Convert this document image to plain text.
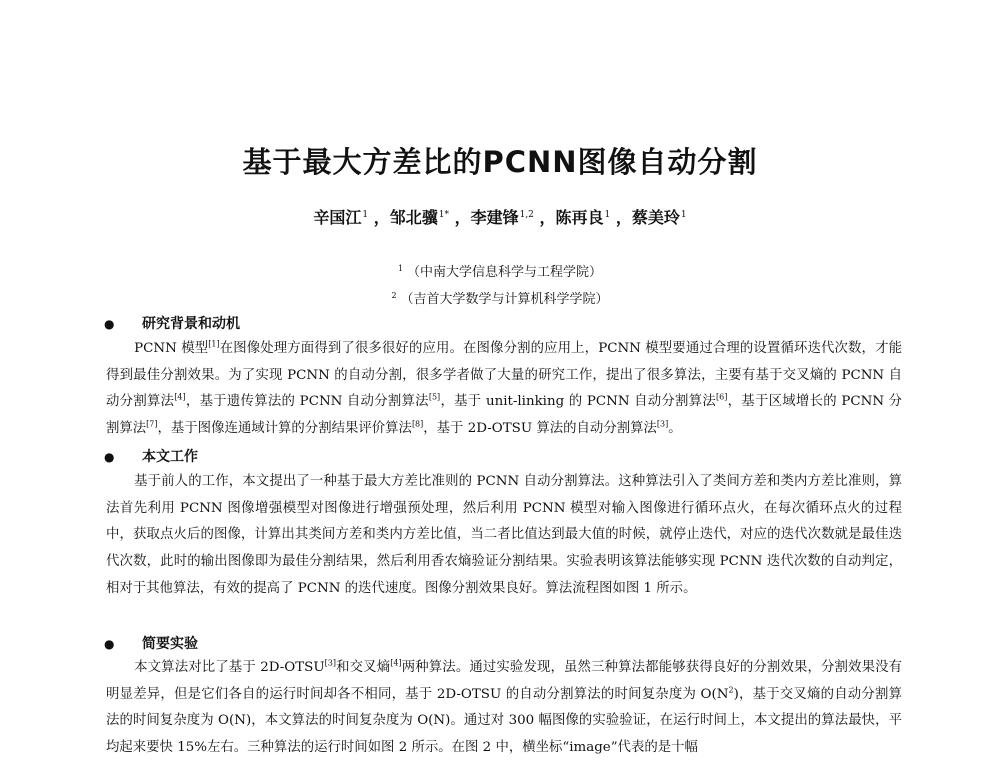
基于最大方差比的PCNN图像自动分割
辛国江$^1$ ，邹北骥$^{1*}$ ，李建锋$^{1,2}$ ，陈再良$^1$ ，蔡美玲$^1$
$^1$ （中南大学信息科学与工程学院）
$^2$ （吉首大学数学与计算机科学学院）
● 研究背景和动机
PCNN 模型[1]在图像处理方面得到了很多很好的应用。在图像分割的应用上，PCNN 模型要通过合理的设置循环迭代次数，才能得到最佳分割效果。为了实现 PCNN 的自动分割，很多学者做了大量的研究工作，提出了很多算法，主要有基于交叉熵的 PCNN 自动分割算法[4]，基于遗传算法的 PCNN 自动分割算法[5]，基于 unit-linking 的 PCNN 自动分割算法[6]，基于区域增长的 PCNN 分割算法[7]，基于图像连通域计算的分割结果评价算法[8]，基于 2D-OTSU 算法的自动分割算法[3]。
● 本文工作
基于前人的工作，本文提出了一种基于最大方差比准则的 PCNN 自动分割算法。这种算法引入了类间方差和类内方差比准则，算法首先利用 PCNN 图像增强模型对图像进行增强预处理，然后利用 PCNN 模型对输入图像进行循环点火，在每次循环点火的过程中，获取点火后的图像，计算出其类间方差和类内方差比值，当二者比值达到最大值的时候，就停止迭代，对应的迭代次数就是最佳迭代次数，此时的输出图像即为最佳分割结果，然后利用香农熵验证分割结果。实验表明该算法能够实现 PCNN 迭代次数的自动判定，相对于其他算法，有效的提高了 PCNN 的迭代速度。图像分割效果良好。算法流程图如图 1 所示。
● 简要实验
本文算法对比了基于 2D-OTSU[3]和交叉熵[4]两种算法。通过实验发现，虽然三种算法都能够获得良好的分割效果，分割效果没有明显差异，但是它们各自的运行时间却各不相同，基于 2D-OTSU 的自动分割算法的时间复杂度为 $O(N^2)$，基于交叉熵的自动分割算法的时间复杂度为 O(N)，本文算法的时间复杂度为 O(N)。通过对 300 幅图像的实验验证，在运行时间上，本文提出的算法最快，平均起来要快 15%左右。三种算法的运行时间如图 2 所示。在图 2 中，横坐标“image”代表的是十幅
